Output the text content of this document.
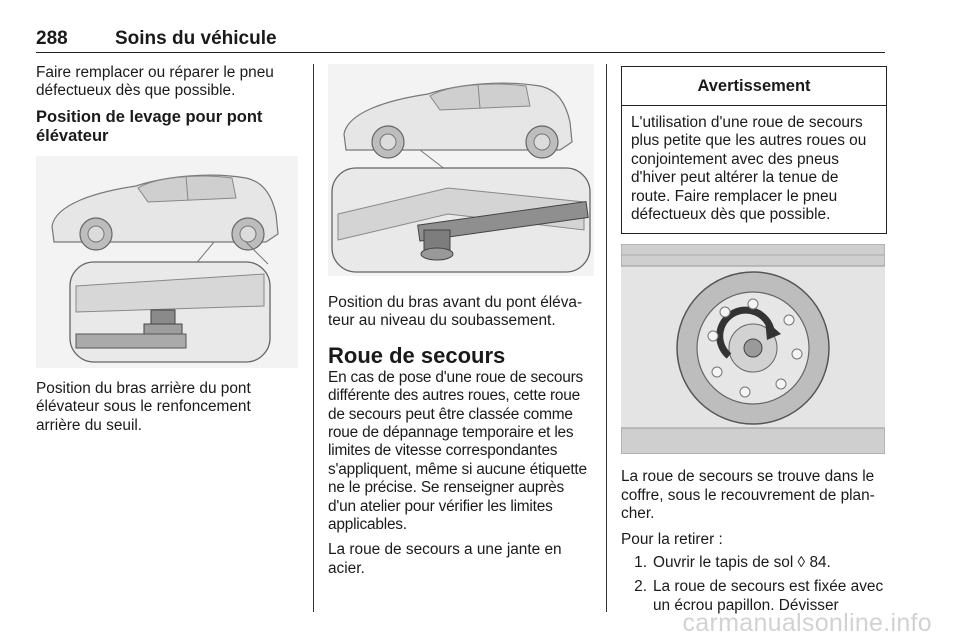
288 Soins du véhicule

Faire remplacer ou réparer le pneu défectueux dès que possible.

Position de levage pour pont élévateur

Position du bras arrière du pont élévateur sous le renfoncement arrière du seuil.

Position du bras avant du pont élévateur au niveau du soubassement.

Roue de secours

En cas de pose d'une roue de secours différente des autres roues, cette roue de secours peut être classée comme roue de dépannage temporaire et les limites de vitesse correspondantes s'appliquent, même si aucune étiquette ne le précise. Se renseigner auprès d'un atelier pour vérifier les limites applicables.

La roue de secours a une jante en acier.

Avertissement

L'utilisation d'une roue de secours plus petite que les autres roues ou conjointement avec des pneus d'hiver peut altérer la tenue de route. Faire remplacer le pneu défectueux dès que possible.

La roue de secours se trouve dans le coffre, sous le recouvrement de plancher.

Pour la retirer :

1. Ouvrir le tapis de sol ◊ 84.
2. La roue de secours est fixée avec un écrou papillon. Dévisser
carmanualsonline.info
